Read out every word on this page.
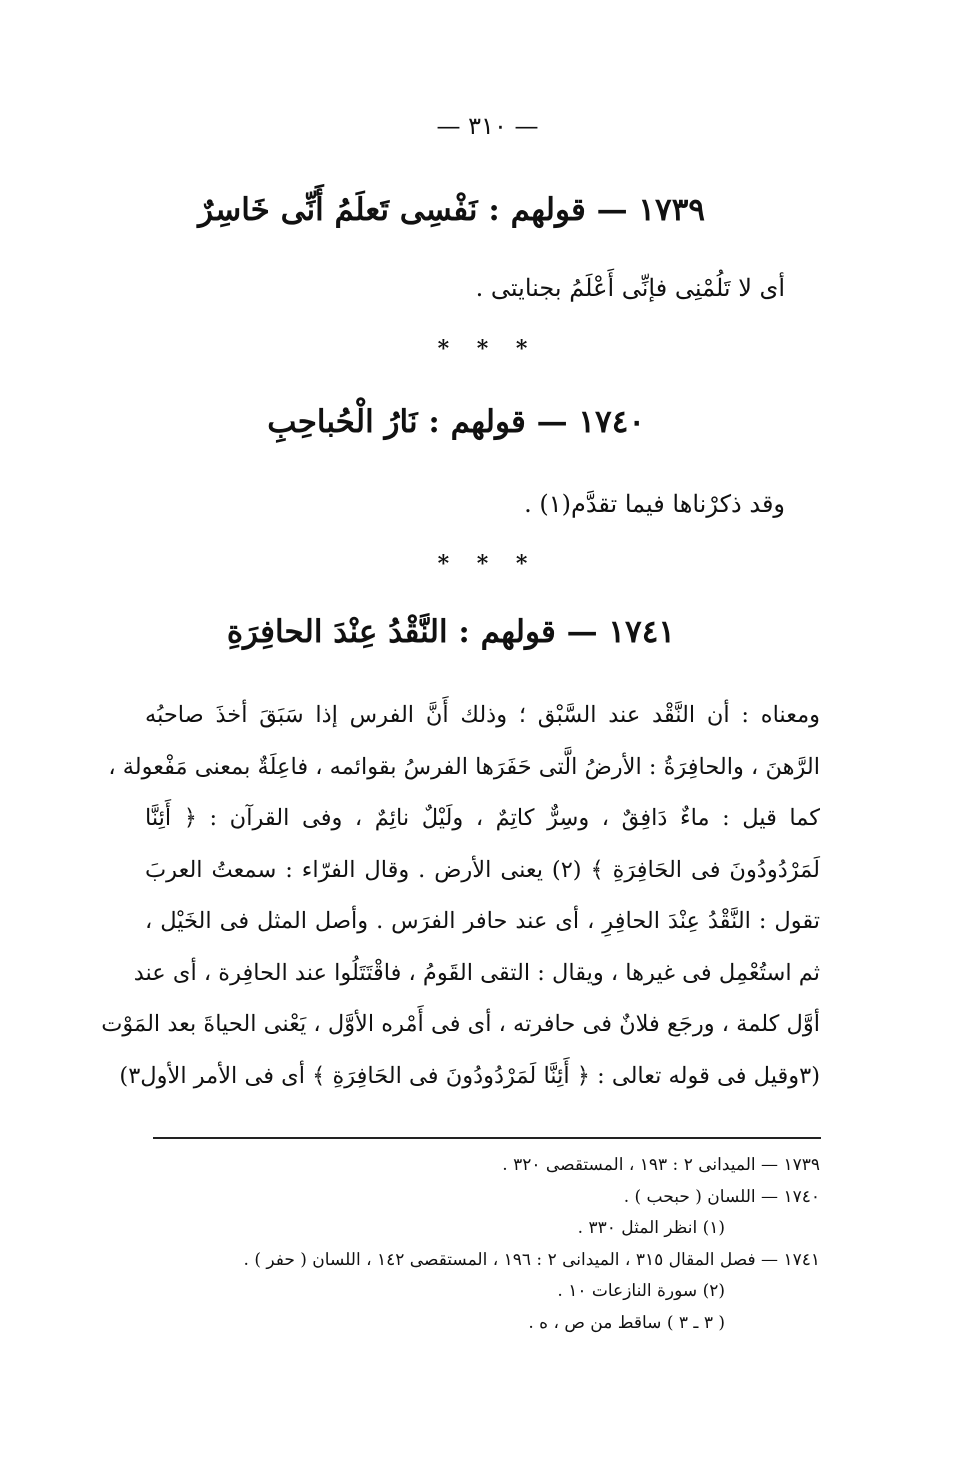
— ٣١٠ —
١٧٣٩ — قولهم : نَفْسِى تَعلَمُ أَنِّى خَاسِرٌ
أى لا تَلُمْنِى فإنِّى أَعْلَمُ بجنايتى .
* * *
١٧٤٠ — قولهم : نَارُ الْحُباحِبِ
وقد ذكرْناها فيما تقدَّم(١) .
* * *
١٧٤١ — قولهم : النَّقْدُ عِنْدَ الحافِرَةِ
ومعناه : أن النَّقْد عند السَّبْق ؛ وذلك أَنَّ الفرس إذا سَبَقَ أخذَ صاحبُه
الرَّهنَ ، والحافِرَةُ : الأرضُ الَّتى حَفَرَها الفرسُ بقوائمه ، فاعِلَةٌ بمعنى مَفْعولة ،
كما قيل : ماءٌ دَافِقٌ ، وسِرٌّ كاتِمٌ ، ولَيْلٌ نائِمٌ ، وفى القرآن : ﴿ أَئِنَّا
لَمَرْدُودُونَ فى الحَافِرَةِ ﴾ (٢) يعنى الأرض . وقال الفرّاء : سمعتُ العربَ
تقول : النَّقْدُ عِنْدَ الحافِرِ ، أى عند حافر الفرَس . وأصل المثل فى الخَيْل ،
ثم استُعْمِل فى غيرها ، ويقال : التقى القَومُ ، فاقْتَتَلُوا عند الحافِرة ، أى عند
أوَّل كلمة ، ورجَع فلانٌ فى حافرته ، أى فى أَمْره الأوَّل ، يَعْنى الحياةَ بعد المَوْت
(٣وقيل فى قوله تعالى : ﴿ أَئِنَّا لَمَرْدُودُونَ فى الحَافِرَةِ ﴾ أى فى الأمر الأول٣)
١٧٣٩ — الميدانى ٢ : ١٩٣ ، المستقصى ٣٢٠ .
١٧٤٠ — اللسان ( حبحب ) .
(١) انظر المثل ٣٣٠ .
١٧٤١ — فصل المقال ٣١٥ ، الميدانى ٢ : ١٩٦ ، المستقصى ١٤٢ ، اللسان ( حفر ) .
(٢) سورة النازعات ١٠ .
( ٣ ـ ٣ ) ساقط من ص ، ه .
